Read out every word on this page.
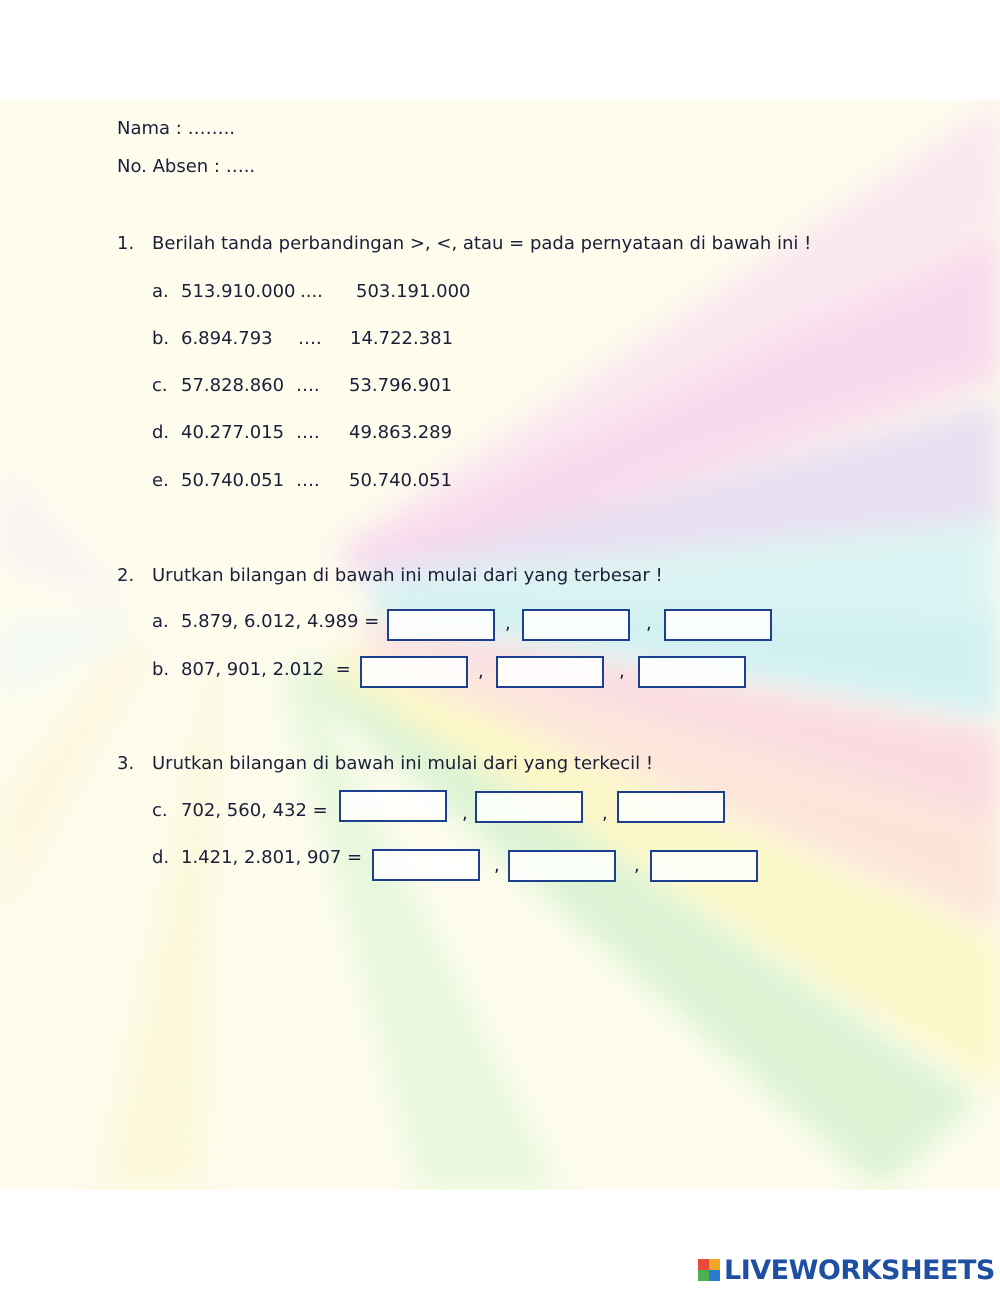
Nama : ……..
No. Absen : …..
1. Berilah tanda perbandingan >, <, atau = pada pernyataan di bawah ini !
a. 513.910.000 .... 503.191.000
b. 6.894.793 …. 14.722.381
c. 57.828.860 …. 53.796.901
d. 40.277.015 …. 49.863.289
e. 50.740.051 …. 50.740.051
2. Urutkan bilangan di bawah ini mulai dari yang terbesar !
a. 5.879, 6.012, 4.989 =	,	,
b. 807, 901, 2.012  =	,	,
3. Urutkan bilangan di bawah ini mulai dari yang terkecil !
c. 702, 560, 432 =	,	,
d. 1.421, 2.801, 907 =	,	,
LIVEWORKSHEETS
